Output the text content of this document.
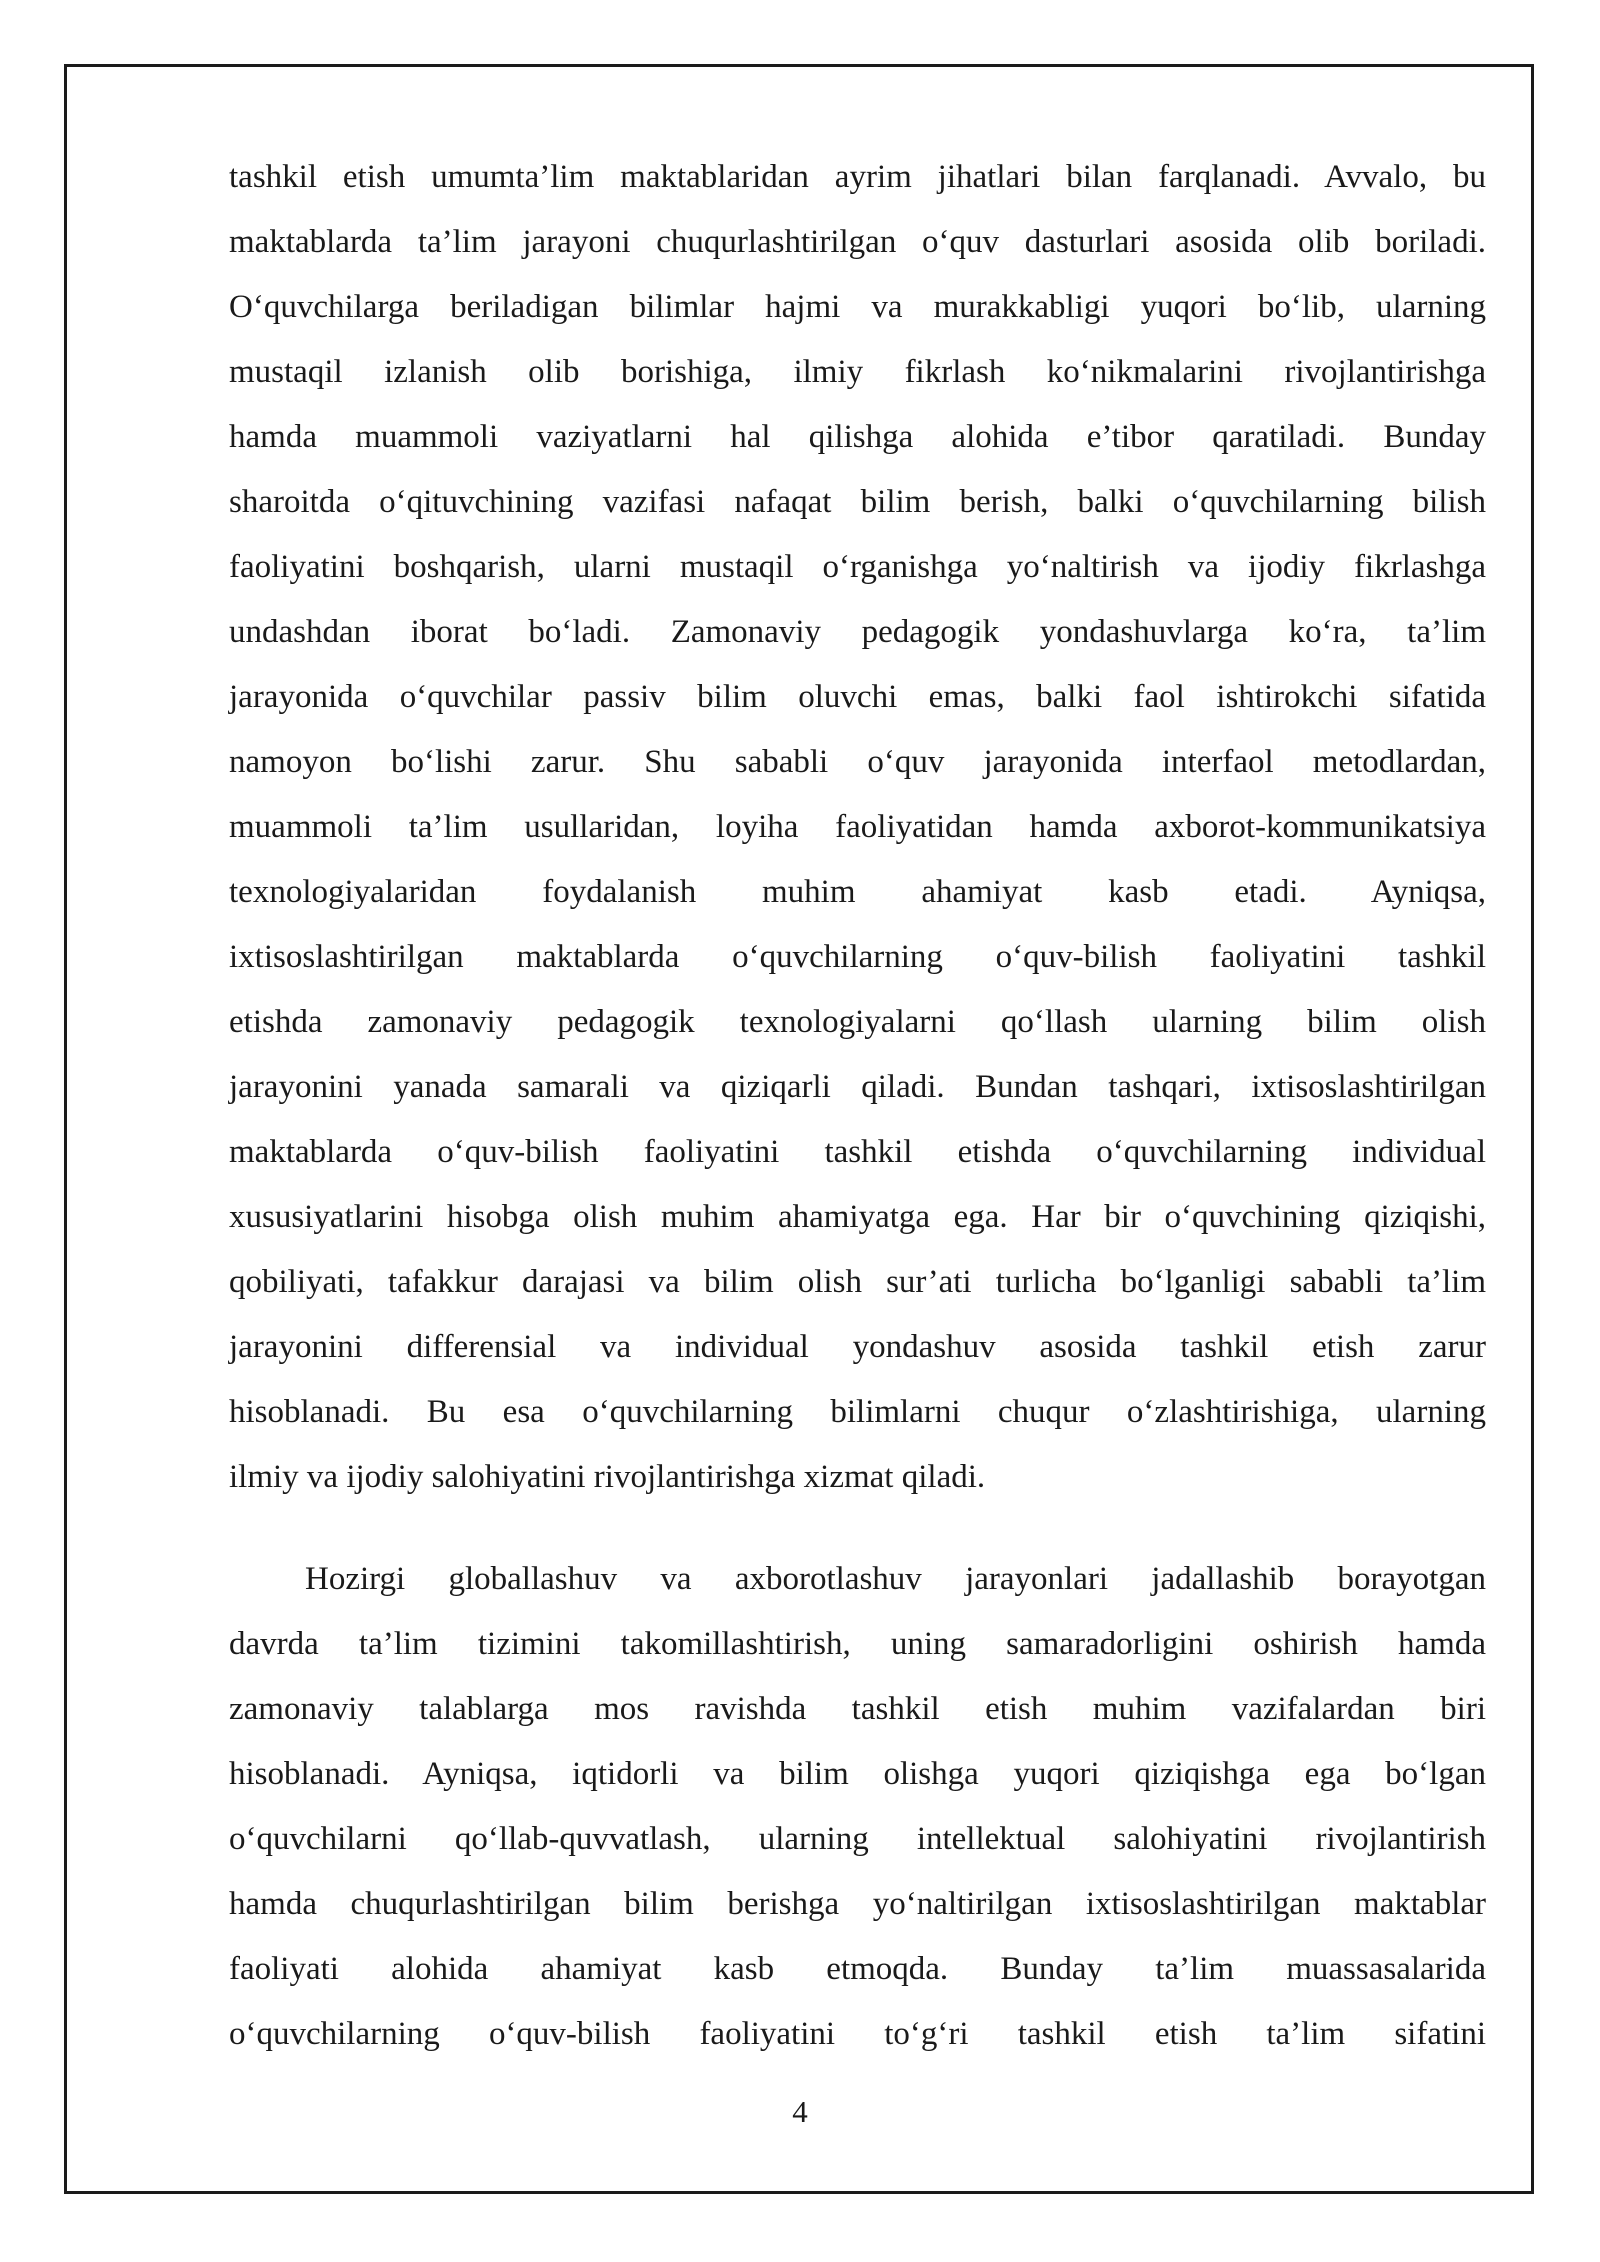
tashkil etish umumta’lim maktablaridan ayrim jihatlari bilan farqlanadi. Avvalo, bu
maktablarda ta’lim jarayoni chuqurlashtirilgan o‘quv dasturlari asosida olib boriladi.
O‘quvchilarga beriladigan bilimlar hajmi va murakkabligi yuqori bo‘lib, ularning
mustaqil izlanish olib borishiga, ilmiy fikrlash ko‘nikmalarini rivojlantirishga
hamda muammoli vaziyatlarni hal qilishga alohida e’tibor qaratiladi. Bunday
sharoitda o‘qituvchining vazifasi nafaqat bilim berish, balki o‘quvchilarning bilish
faoliyatini boshqarish, ularni mustaqil o‘rganishga yo‘naltirish va ijodiy fikrlashga
undashdan iborat bo‘ladi. Zamonaviy pedagogik yondashuvlarga ko‘ra, ta’lim
jarayonida o‘quvchilar passiv bilim oluvchi emas, balki faol ishtirokchi sifatida
namoyon bo‘lishi zarur. Shu sababli o‘quv jarayonida interfaol metodlardan,
muammoli ta’lim usullaridan, loyiha faoliyatidan hamda axborot-kommunikatsiya
texnologiyalaridan foydalanish muhim ahamiyat kasb etadi. Ayniqsa,
ixtisoslashtirilgan maktablarda o‘quvchilarning o‘quv-bilish faoliyatini tashkil
etishda zamonaviy pedagogik texnologiyalarni qo‘llash ularning bilim olish
jarayonini yanada samarali va qiziqarli qiladi. Bundan tashqari, ixtisoslashtirilgan
maktablarda o‘quv-bilish faoliyatini tashkil etishda o‘quvchilarning individual
xususiyatlarini hisobga olish muhim ahamiyatga ega. Har bir o‘quvchining qiziqishi,
qobiliyati, tafakkur darajasi va bilim olish sur’ati turlicha bo‘lganligi sababli ta’lim
jarayonini differensial va individual yondashuv asosida tashkil etish zarur
hisoblanadi. Bu esa o‘quvchilarning bilimlarni chuqur o‘zlashtirishiga, ularning
ilmiy va ijodiy salohiyatini rivojlantirishga xizmat qiladi.
Hozirgi globallashuv va axborotlashuv jarayonlari jadallashib borayotgan
davrda ta’lim tizimini takomillashtirish, uning samaradorligini oshirish hamda
zamonaviy talablarga mos ravishda tashkil etish muhim vazifalardan biri
hisoblanadi. Ayniqsa, iqtidorli va bilim olishga yuqori qiziqishga ega bo‘lgan
o‘quvchilarni qo‘llab-quvvatlash, ularning intellektual salohiyatini rivojlantirish
hamda chuqurlashtirilgan bilim berishga yo‘naltirilgan ixtisoslashtirilgan maktablar
faoliyati alohida ahamiyat kasb etmoqda. Bunday ta’lim muassasalarida
o‘quvchilarning o‘quv-bilish faoliyatini to‘g‘ri tashkil etish ta’lim sifatini
4
